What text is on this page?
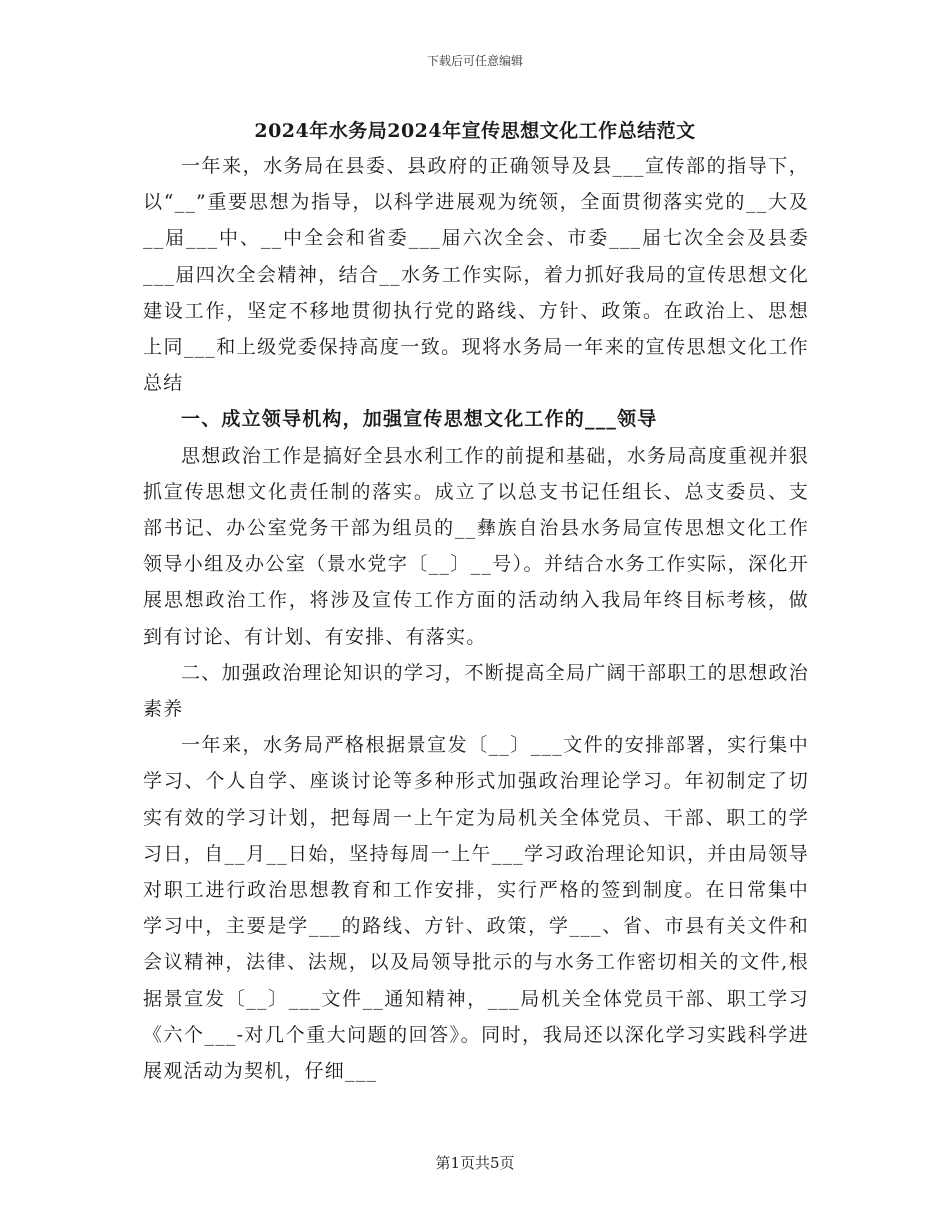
下载后可任意编辑
2024年水务局2024年宣传思想文化工作总结范文

一年来，水务局在县委、县政府的正确领导及县___宣传部的指导下，以“__”重要思想为指导，以科学进展观为统领，全面贯彻落实党的__大及__届___中、__中全会和省委___届六次全会、市委___届七次全会及县委___届四次全会精神，结合__水务工作实际，着力抓好我局的宣传思想文化建设工作，坚定不移地贯彻执行党的路线、方针、政策。在政治上、思想上同___和上级党委保持高度一致。现将水务局一年来的宣传思想文化工作总结

一、成立领导机构，加强宣传思想文化工作的___领导

思想政治工作是搞好全县水利工作的前提和基础，水务局高度重视并狠抓宣传思想文化责任制的落实。成立了以总支书记任组长、总支委员、支部书记、办公室党务干部为组员的__彝族自治县水务局宣传思想文化工作领导小组及办公室（景水党字〔__〕__号）。并结合水务工作实际，深化开展思想政治工作，将涉及宣传工作方面的活动纳入我局年终目标考核，做到有讨论、有计划、有安排、有落实。

二、加强政治理论知识的学习，不断提高全局广阔干部职工的思想政治素养

一年来，水务局严格根据景宣发〔__〕___文件的安排部署，实行集中学习、个人自学、座谈讨论等多种形式加强政治理论学习。年初制定了切实有效的学习计划，把每周一上午定为局机关全体党员、干部、职工的学习日，自__月__日始，坚持每周一上午___学习政治理论知识，并由局领导对职工进行政治思想教育和工作安排，实行严格的签到制度。在日常集中学习中，主要是学___的路线、方针、政策，学___、省、市县有关文件和会议精神，法律、法规，以及局领导批示的与水务工作密切相关的文件,根据景宣发〔__〕___文件__通知精神，___局机关全体党员干部、职工学习《六个___-对几个重大问题的回答》。同时，我局还以深化学习实践科学进展观活动为契机，仔细___

第1页共5页
